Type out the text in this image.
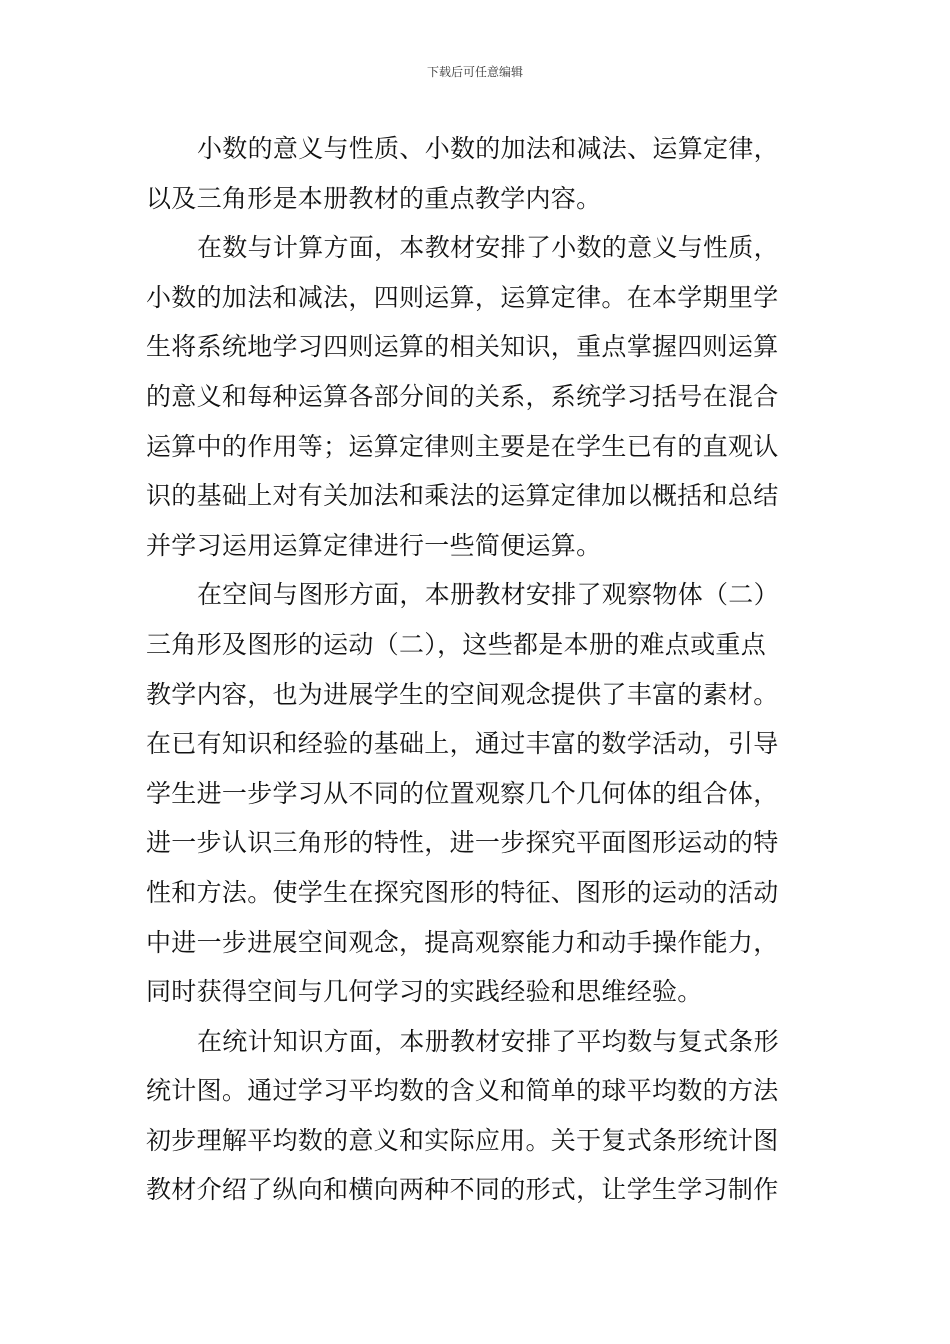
下载后可任意编辑
小数的意义与性质、小数的加法和减法、运算定律，
以及三角形是本册教材的重点教学内容。
在数与计算方面，本教材安排了小数的意义与性质，
小数的加法和减法，四则运算，运算定律。在本学期里学
生将系统地学习四则运算的相关知识，重点掌握四则运算
的意义和每种运算各部分间的关系，系统学习括号在混合
运算中的作用等；运算定律则主要是在学生已有的直观认
识的基础上对有关加法和乘法的运算定律加以概括和总结
并学习运用运算定律进行一些简便运算。
在空间与图形方面，本册教材安排了观察物体（二）
三角形及图形的运动（二），这些都是本册的难点或重点
教学内容，也为进展学生的空间观念提供了丰富的素材。
在已有知识和经验的基础上，通过丰富的数学活动，引导
学生进一步学习从不同的位置观察几个几何体的组合体，
进一步认识三角形的特性，进一步探究平面图形运动的特
性和方法。使学生在探究图形的特征、图形的运动的活动
中进一步进展空间观念，提高观察能力和动手操作能力，
同时获得空间与几何学习的实践经验和思维经验。
在统计知识方面，本册教材安排了平均数与复式条形
统计图。通过学习平均数的含义和简单的球平均数的方法
初步理解平均数的意义和实际应用。关于复式条形统计图
教材介绍了纵向和横向两种不同的形式，让学生学习制作
